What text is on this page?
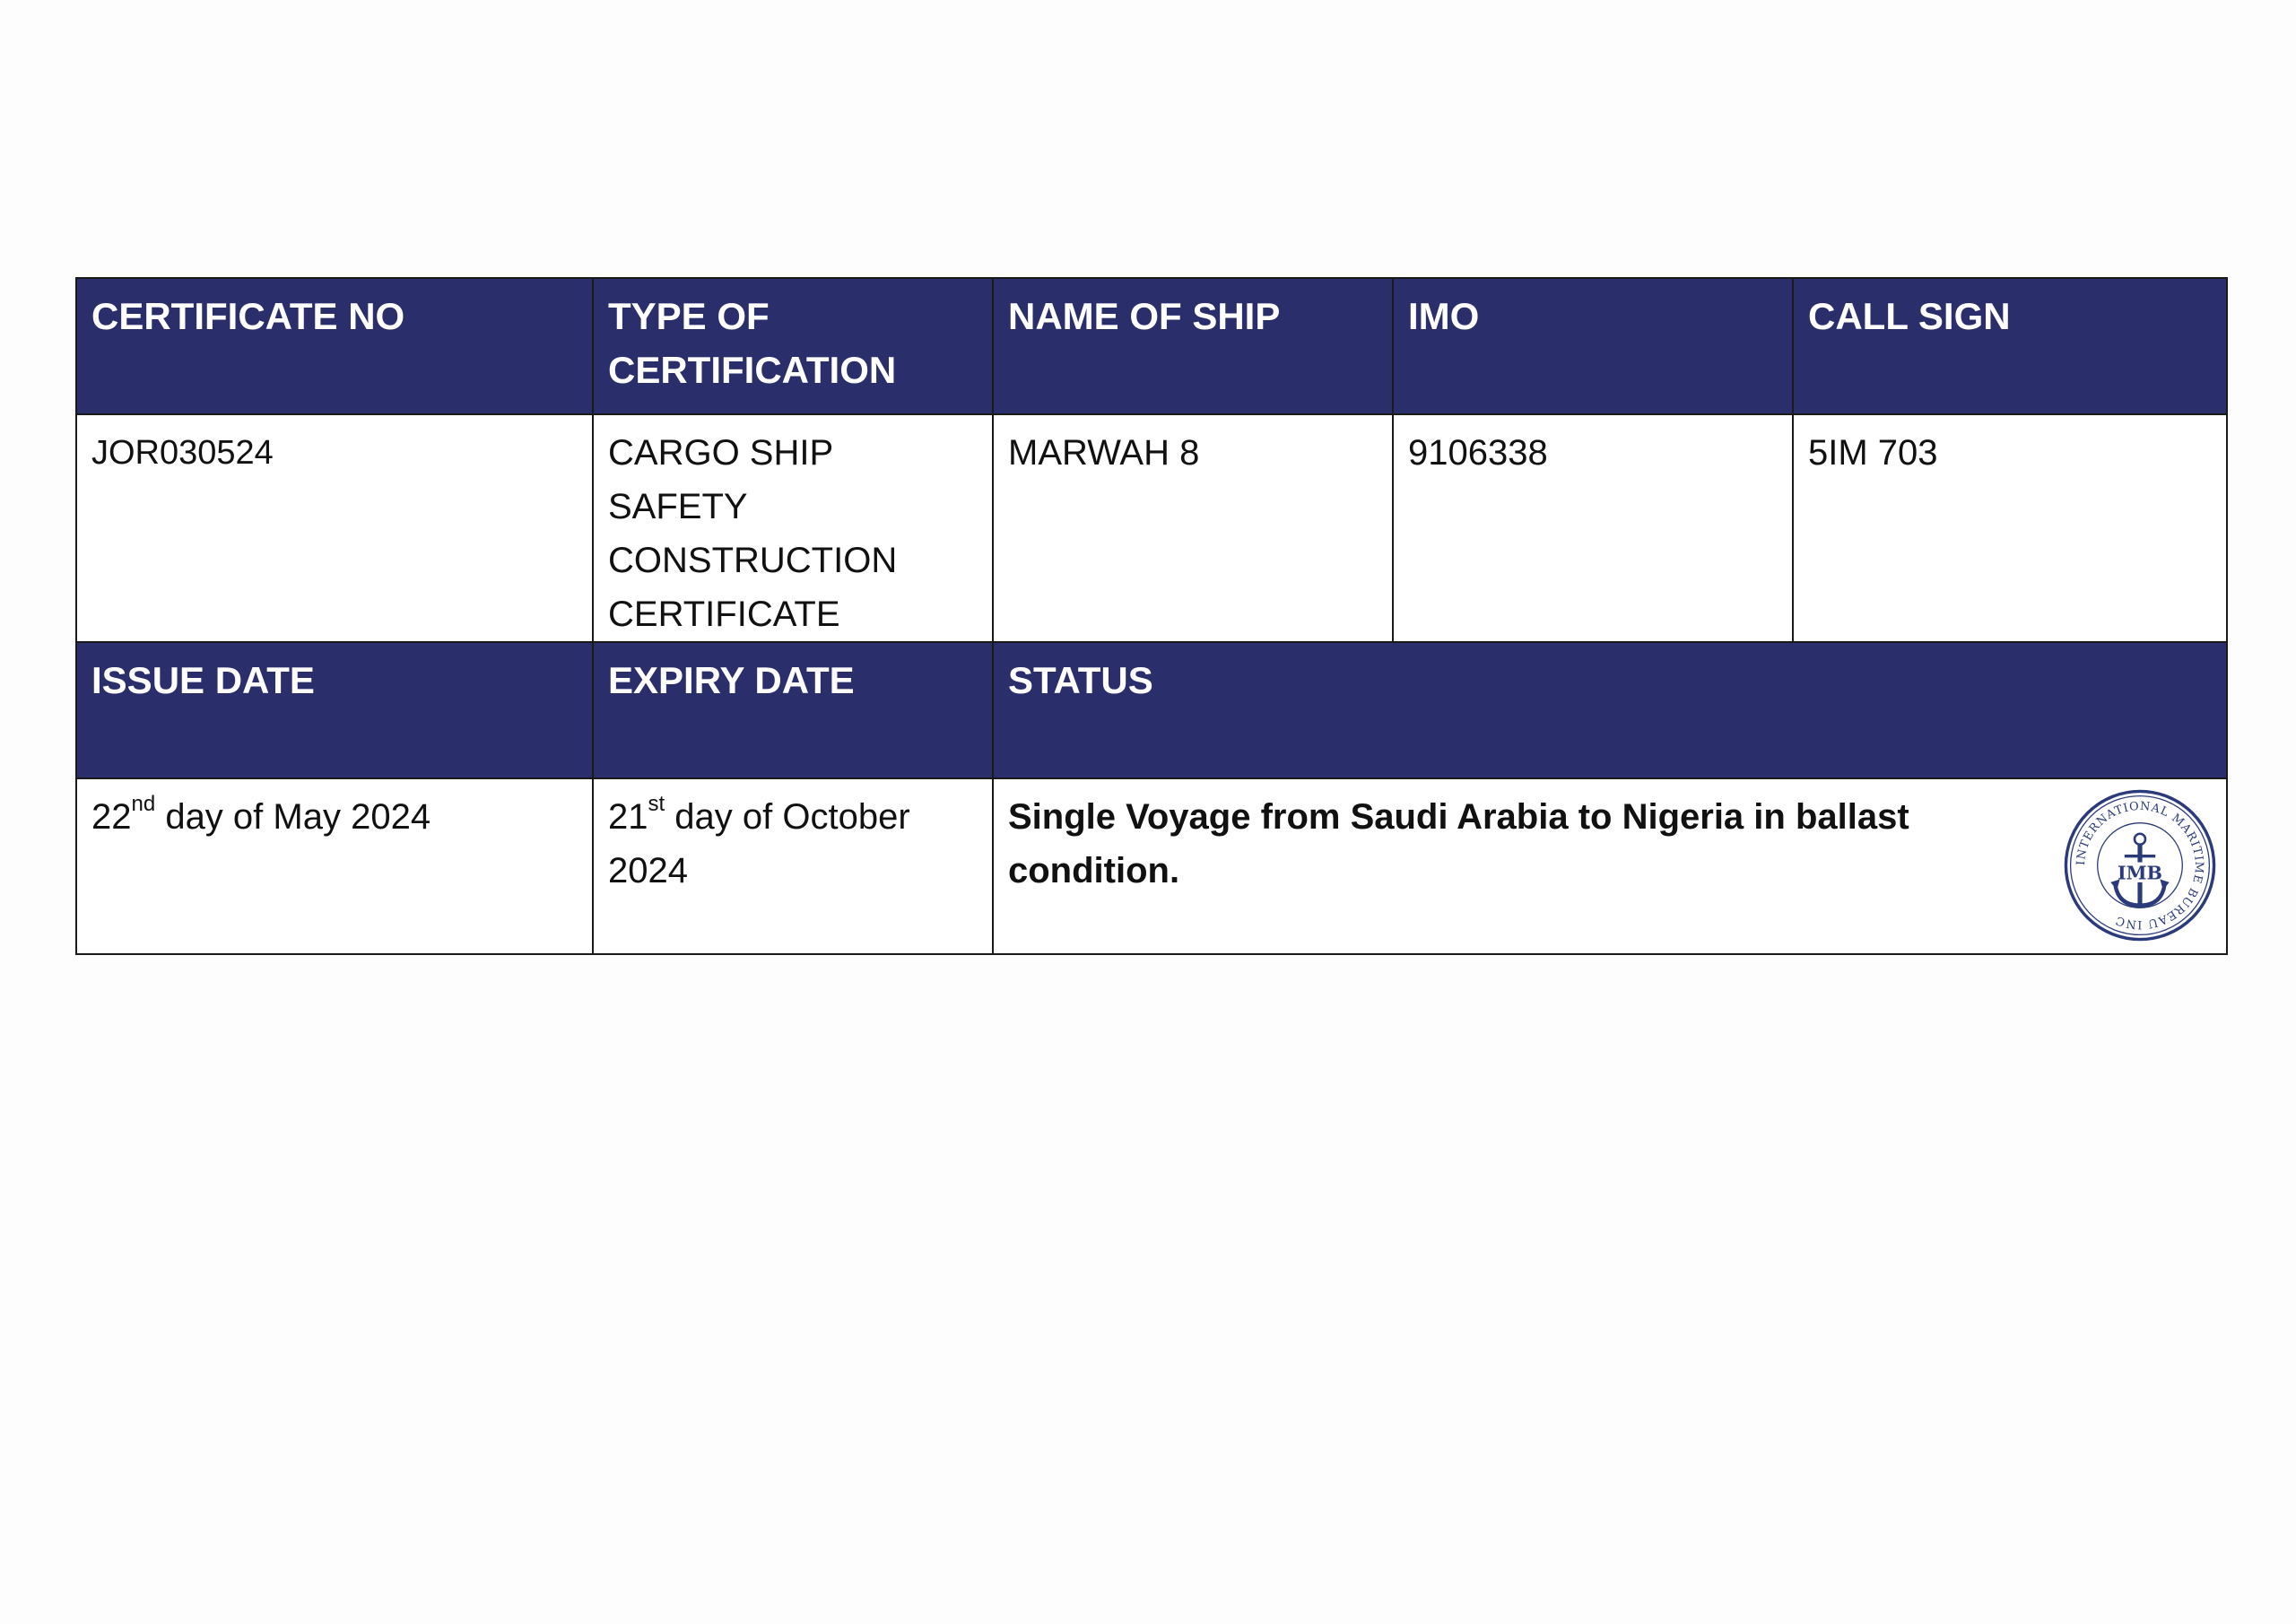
CERTIFICATE NO	TYPE OF CERTIFICATION	NAME OF SHIP	IMO	CALL SIGN
JOR030524	CARGO SHIP SAFETY CONSTRUCTION CERTIFICATE	MARWAH 8	9106338	5IM 703
ISSUE DATE	EXPIRY DATE	STATUS		
22nd day of May 2024	21st day of October 2024	Single Voyage from Saudi Arabia to Nigeria in ballast condition. INTERNATIONAL MARITIME BUREAU INC
IMB		
